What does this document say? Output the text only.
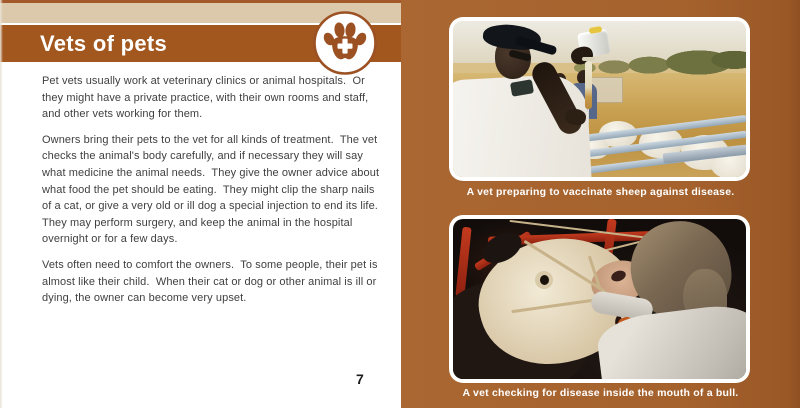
Vets of pets

Pet vets usually work at veterinary clinics or animal hospitals.  Or they might have a private practice, with their own rooms and staff, and other vets working for them.

Owners bring their pets to the vet for all kinds of treatment.  The vet checks the animal's body carefully, and if necessary they will say what medicine the animal needs.  They give the owner advice about what food the pet should be eating.  They might clip the sharp nails of a cat, or give a very old or ill dog a special injection to end its life.  They may perform surgery, and keep the animal in the hospital overnight or for a few days.

Vets often need to comfort the owners.  To some people, their pet is almost like their child.  When their cat or dog or other animal is ill or dying, the owner can become very upset.

7
A vet preparing to vaccinate sheep against disease.
A vet checking for disease inside the mouth of a bull.
